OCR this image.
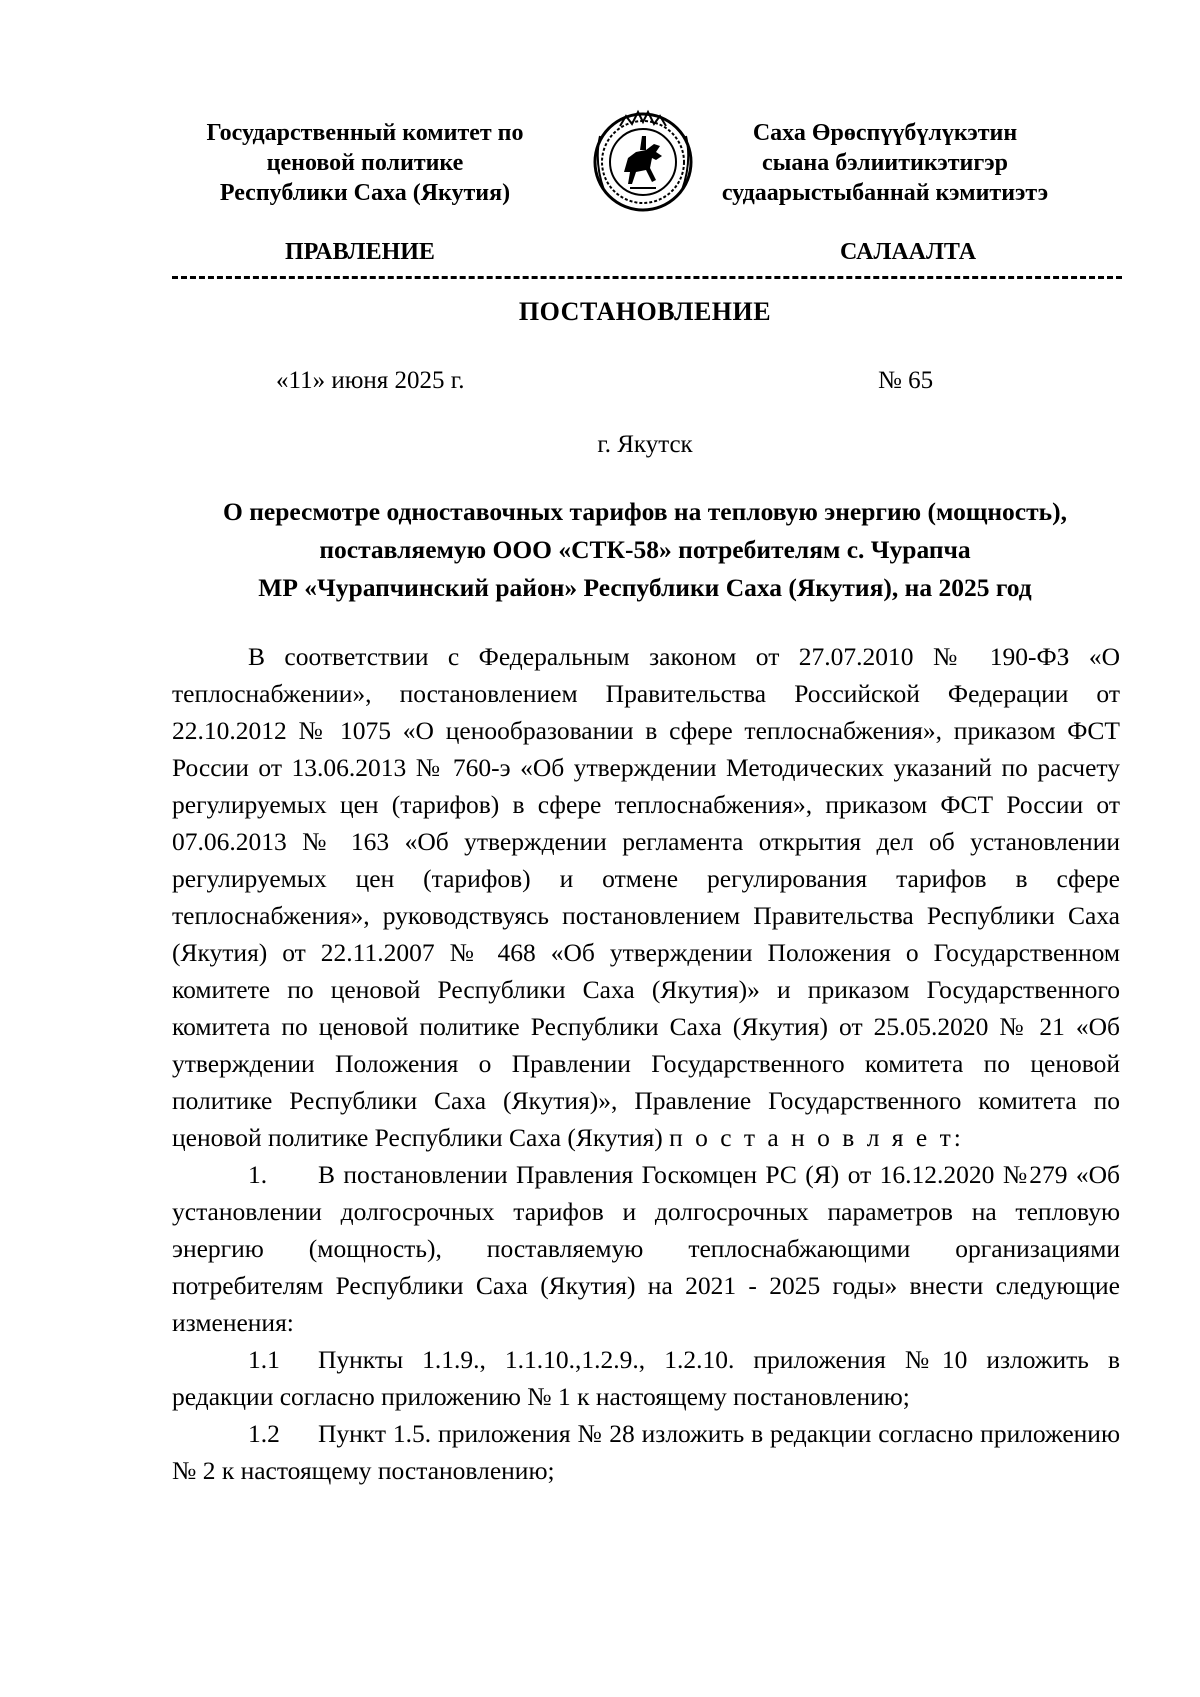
Государственный комитет по
ценовой политике
Республики Саха (Якутия)
Саха Өрөспүүбүлүкэтин
сыана бэлиитикэтигэр
судаарыстыбаннай кэмитиэтэ
ПРАВЛЕНИЕ	САЛААЛТА
ПОСТАНОВЛЕНИЕ
«11» июня 2025 г.	№ 65
г. Якутск
О пересмотре одноставочных тарифов на тепловую энергию (мощность),
поставляемую ООО «СТК-58» потребителям с. Чурапча
МР «Чурапчинский район» Республики Саха (Якутия), на 2025 год

В соответствии с Федеральным законом от 27.07.2010 № 190-ФЗ «О теплоснабжении», постановлением Правительства Российской Федерации от 22.10.2012 № 1075 «О ценообразовании в сфере теплоснабжения», приказом ФСТ России от 13.06.2013 № 760-э «Об утверждении Методических указаний по расчету регулируемых цен (тарифов) в сфере теплоснабжения», приказом ФСТ России от 07.06.2013 № 163 «Об утверждении регламента открытия дел об установлении регулируемых цен (тарифов) и отмене регулирования тарифов в сфере теплоснабжения», руководствуясь постановлением Правительства Республики Саха (Якутия) от 22.11.2007 № 468 «Об утверждении Положения о Государственном комитете по ценовой Республики Саха (Якутия)» и приказом Государственного комитета по ценовой политике Республики Саха (Якутия) от 25.05.2020 № 21 «Об утверждении Положения о Правлении Государственного комитета по ценовой политике Республики Саха (Якутия)», Правление Государственного комитета по ценовой политике Республики Саха (Якутия) п о с т а н о в л я е т:

1. В постановлении Правления Госкомцен РС (Я) от 16.12.2020 №279 «Об установлении долгосрочных тарифов и долгосрочных параметров на тепловую энергию (мощность), поставляемую теплоснабжающими организациями потребителям Республики Саха (Якутия) на 2021 - 2025 годы» внести следующие изменения:

1.1 Пункты 1.1.9., 1.1.10.,1.2.9., 1.2.10. приложения №10 изложить в редакции согласно приложению № 1 к настоящему постановлению;

1.2 Пункт 1.5. приложения № 28 изложить в редакции согласно приложению № 2 к настоящему постановлению;
